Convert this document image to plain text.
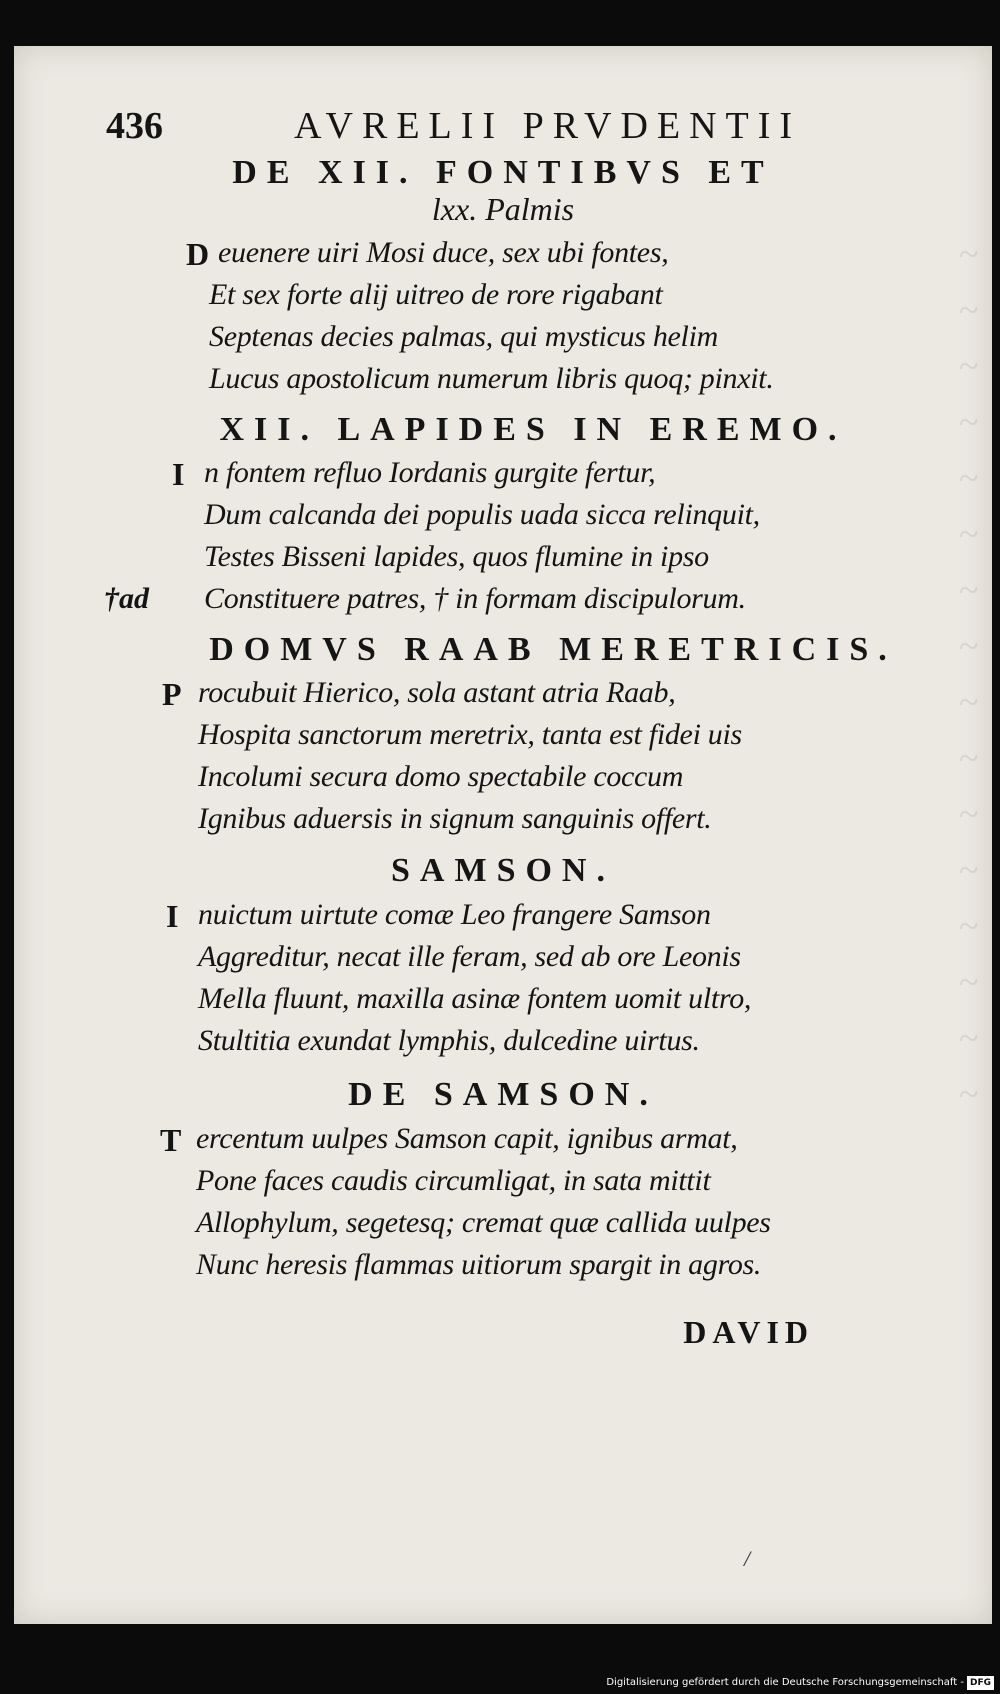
~
~
~
~
~
~
~
~
~
~
~
~
~
~
~
~
436	AVRELII PRVDENTII
DE XII. FONTIBVS ET
lxx. Palmis
D euenere uiri Mosi duce, sex ubi fontes,
Et sex forte alij uitreo de rore rigabant
Septenas decies palmas, qui mysticus helim
Lucus apostolicum numerum libris quoq; pinxit.
XII. LAPIDES IN EREMO.
I n fontem refluo Iordanis gurgite fertur,
Dum calcanda dei populis uada sicca relinquit,
Testes Bisseni lapides, quos flumine in ipso
†ad Constituere patres, † in formam discipulorum.
DOMVS RAAB MERETRICIS.
P rocubuit Hierico, sola astant atria Raab,
Hospita sanctorum meretrix, tanta est fidei uis
Incolumi secura domo spectabile coccum
Ignibus aduersis in signum sanguinis offert.
SAMSON.
I nuictum uirtute comæ Leo frangere Samson
Aggreditur, necat ille feram, sed ab ore Leonis
Mella fluunt, maxilla asinæ fontem uomit ultro,
Stultitia exundat lymphis, dulcedine uirtus.
DE SAMSON.
T ercentum uulpes Samson capit, ignibus armat,
Pone faces caudis circumligat, in sata mittit
Allophylum, segetesq; cremat quæ callida uulpes
Nunc heresis flammas uitiorum spargit in agros.
DAVID
/
Digitalisierung gefördert durch die Deutsche Forschungsgemeinschaft - DFG
